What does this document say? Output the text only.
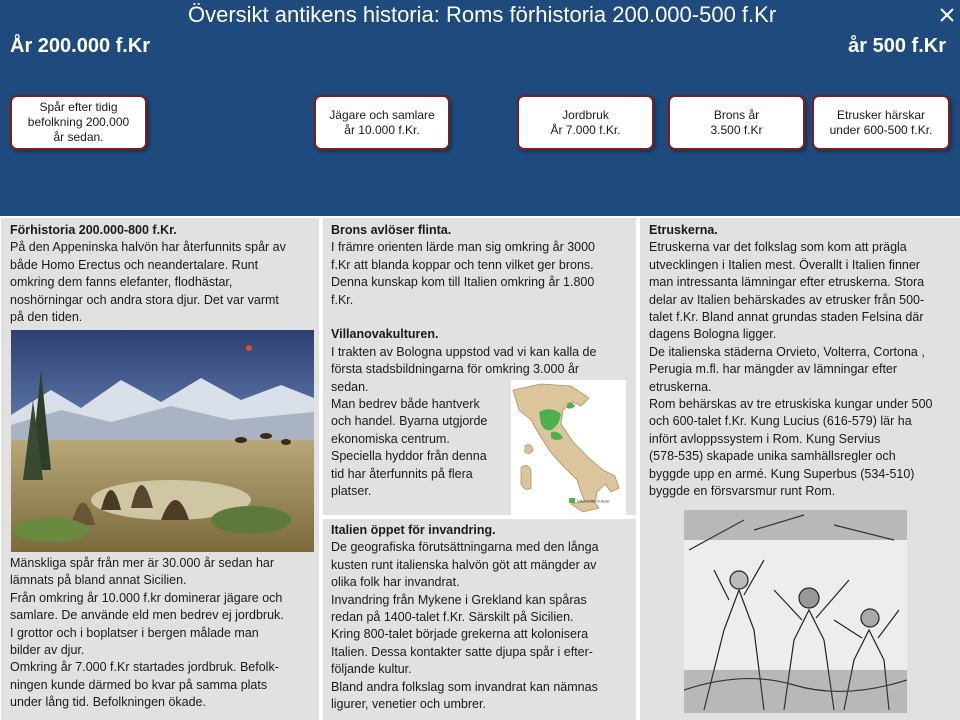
Översikt antikens historia: Roms förhistoria 200.000-500 f.Kr
År 200.000 f.Kr	år 500 f.Kr
Spår efter tidig
befolkning 200.000
år sedan.
Jägare och samlare
år 10.000 f.Kr.
Jordbruk
År 7.000 f.Kr.
Brons år
3.500 f.Kr
Etrusker härskar
under 600-500 f.Kr.
Förhistoria 200.000-800 f.Kr.
På den Appeninska halvön har återfunnits spår av
både Homo Erectus och neandertalare. Runt
omkring dem fanns elefanter, flodhästar,
noshörningar och andra stora djur. Det var varmt
på den tiden.
Mänskliga spår från mer är 30.000 år sedan har
lämnats på bland annat Sicilien.
Från omkring år 10.000 f.kr dominerar jägare och
samlare. De använde eld men bedrev ej jordbruk.
I grottor och i boplatser i bergen målade man
bilder av djur.
Omkring år 7.000 f.Kr startades jordbruk. Befolk-
ningen kunde därmed bo kvar på samma plats
under lång tid. Befolkningen ökade.
Brons avlöser flinta.
I främre orienten lärde man sig omkring år 3000
f.Kr att blanda koppar och tenn vilket ger brons.
Denna kunskap kom till Italien omkring år 1.800
f.Kr.
Villanovakulturen.
I trakten av Bologna uppstod vad vi kan kalla de
första stadsbildningarna för omkring 3.000 år
sedan.
Man bedrev både hantverk
och handel. Byarna utgjorde
ekonomiska centrum.
Speciella hyddor från denna
tid har återfunnits på flera
platser.
Villanovan Culture
Italien öppet för invandring.
De geografiska förutsättningarna med den långa
kusten runt italienska halvön göt att mängder av
olika folk har invandrat.
Invandring från Mykene i Grekland kan spåras
redan på 1400-talet f.Kr. Särskilt på Sicilien.
Kring 800-talet började grekerna att kolonisera
Italien. Dessa kontakter satte djupa spår i efter-
följande kultur.
Bland andra folkslag som invandrat kan nämnas
ligurer, venetier och umbrer.
Etruskerna.
Etruskerna var det folkslag som kom att prägla
utvecklingen i Italien mest. Överallt i Italien finner
man intressanta lämningar efter etruskerna. Stora
delar av Italien behärskades av etrusker från 500-
talet f.Kr. Bland annat grundas staden Felsina där
dagens Bologna ligger.
De italienska städerna Orvieto, Volterra, Cortona ,
Perugia m.fl. har mängder av lämningar efter
etruskerna.
Rom behärskas av tre etruskiska kungar under 500
och 600-talet f.Kr. Kung Lucius (616-579) lär ha
infört avloppssystem i Rom. Kung Servius
(578-535) skapade unika samhällsregler och
byggde upp en armé. Kung Superbus (534-510)
byggde en försvarsmur runt Rom.
